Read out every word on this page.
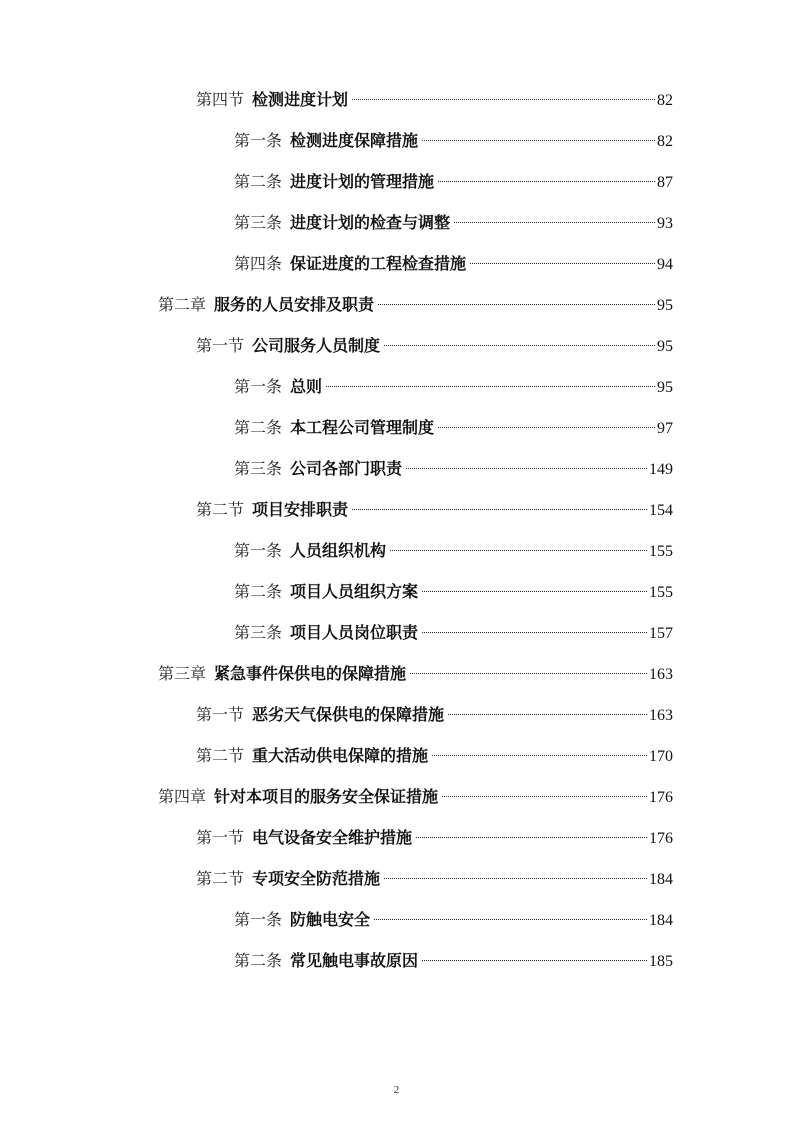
第四节 检测进度计划	82
第一条 检测进度保障措施	82
第二条 进度计划的管理措施	87
第三条 进度计划的检查与调整	93
第四条 保证进度的工程检查措施	94
第二章 服务的人员安排及职责	95
第一节 公司服务人员制度	95
第一条 总则	95
第二条 本工程公司管理制度	97
第三条 公司各部门职责	149
第二节 项目安排职责	154
第一条 人员组织机构	155
第二条 项目人员组织方案	155
第三条 项目人员岗位职责	157
第三章 紧急事件保供电的保障措施	163
第一节 恶劣天气保供电的保障措施	163
第二节 重大活动供电保障的措施	170
第四章 针对本项目的服务安全保证措施	176
第一节 电气设备安全维护措施	176
第二节 专项安全防范措施	184
第一条 防触电安全	184
第二条 常见触电事故原因	185
2
